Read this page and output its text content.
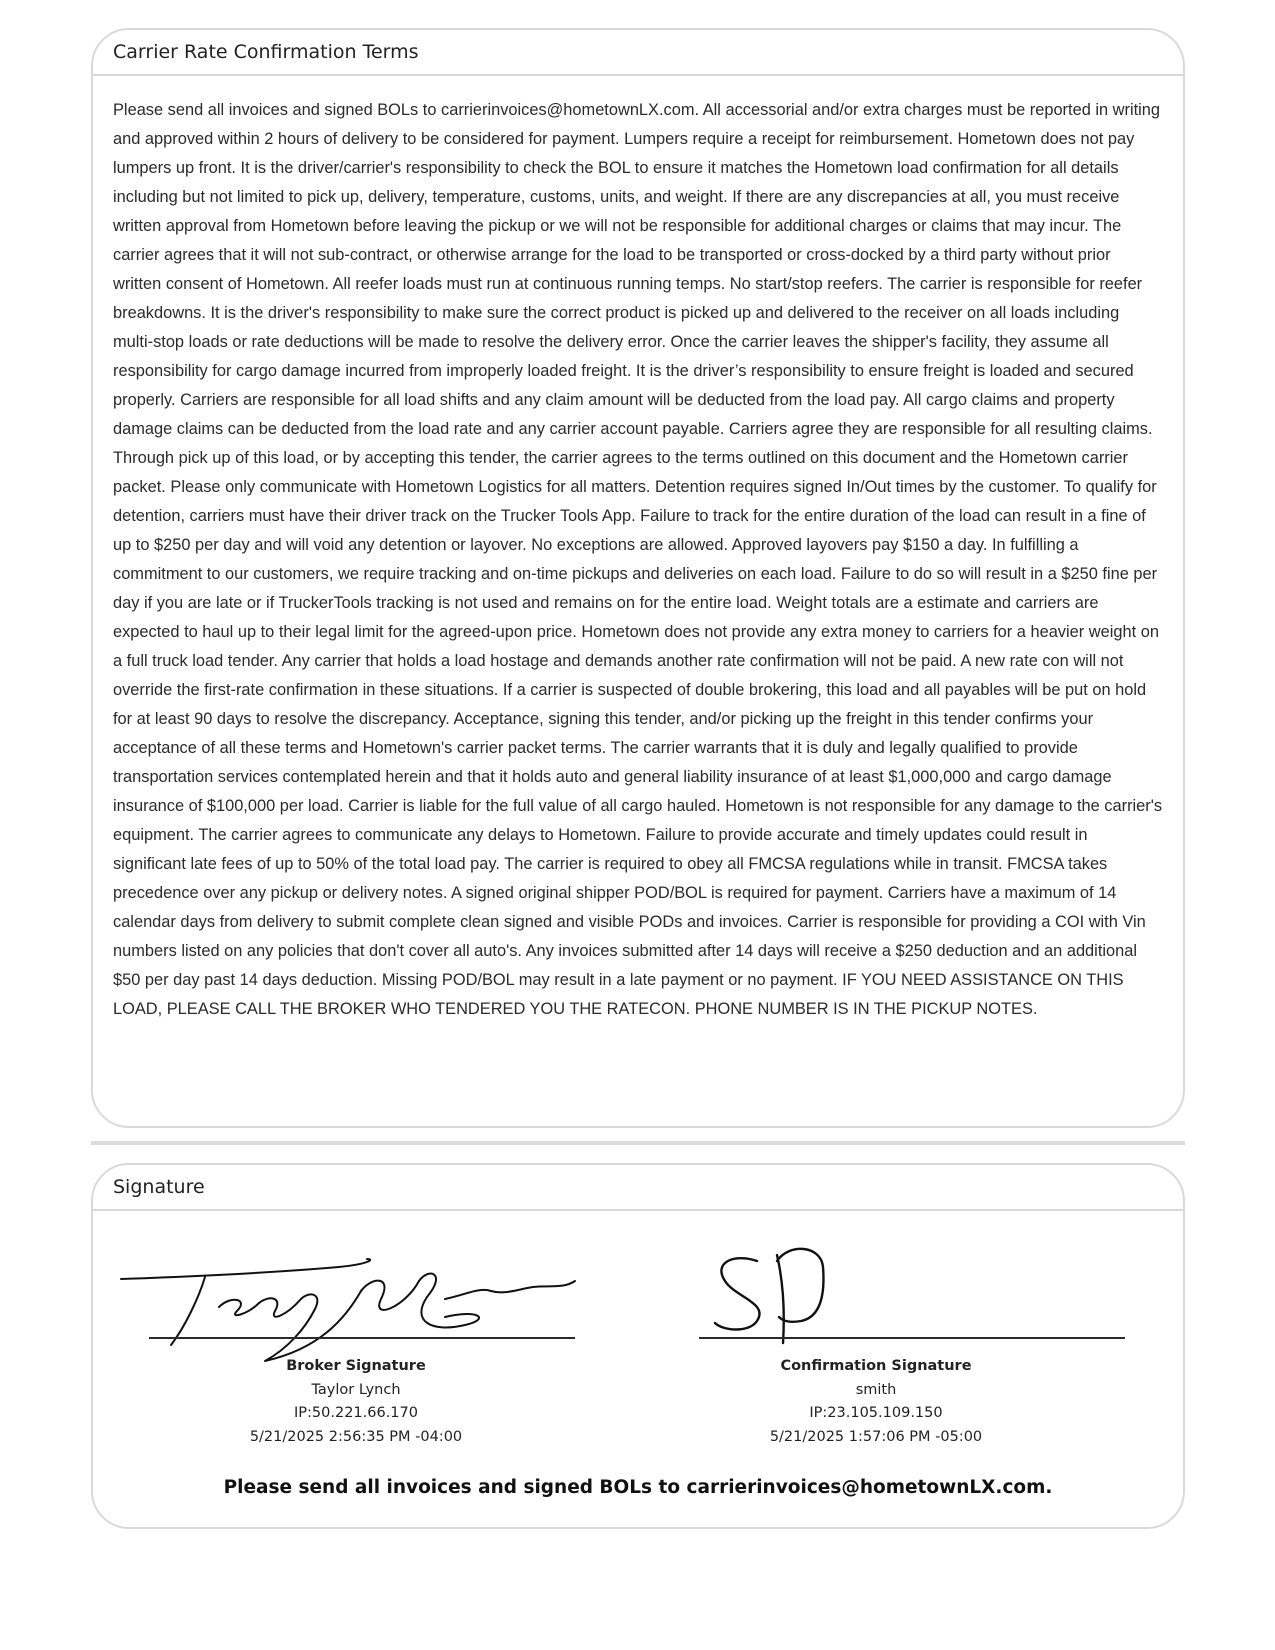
Carrier Rate Confirmation Terms

Please send all invoices and signed BOLs to carrierinvoices@hometownLX.com. All accessorial and/or extra charges must be reported in writing and approved within 2 hours of delivery to be considered for payment. Lumpers require a receipt for reimbursement. Hometown does not pay lumpers up front. It is the driver/carrier's responsibility to check the BOL to ensure it matches the Hometown load confirmation for all details including but not limited to pick up, delivery, temperature, customs, units, and weight. If there are any discrepancies at all, you must receive written approval from Hometown before leaving the pickup or we will not be responsible for additional charges or claims that may incur. The carrier agrees that it will not sub-contract, or otherwise arrange for the load to be transported or cross-docked by a third party without prior written consent of Hometown. All reefer loads must run at continuous running temps. No start/stop reefers. The carrier is responsible for reefer breakdowns. It is the driver's responsibility to make sure the correct product is picked up and delivered to the receiver on all loads including multi-stop loads or rate deductions will be made to resolve the delivery error. Once the carrier leaves the shipper's facility, they assume all responsibility for cargo damage incurred from improperly loaded freight. It is the driver’s responsibility to ensure freight is loaded and secured properly. Carriers are responsible for all load shifts and any claim amount will be deducted from the load pay. All cargo claims and property damage claims can be deducted from the load rate and any carrier account payable. Carriers agree they are responsible for all resulting claims. Through pick up of this load, or by accepting this tender, the carrier agrees to the terms outlined on this document and the Hometown carrier packet. Please only communicate with Hometown Logistics for all matters. Detention requires signed In/Out times by the customer. To qualify for detention, carriers must have their driver track on the Trucker Tools App. Failure to track for the entire duration of the load can result in a fine of up to $250 per day and will void any detention or layover. No exceptions are allowed. Approved layovers pay $150 a day. In fulfilling a commitment to our customers, we require tracking and on-time pickups and deliveries on each load. Failure to do so will result in a $250 fine per day if you are late or if TruckerTools tracking is not used and remains on for the entire load. Weight totals are a estimate and carriers are expected to haul up to their legal limit for the agreed-upon price. Hometown does not provide any extra money to carriers for a heavier weight on a full truck load tender. Any carrier that holds a load hostage and demands another rate confirmation will not be paid. A new rate con will not override the first-rate confirmation in these situations. If a carrier is suspected of double brokering, this load and all payables will be put on hold for at least 90 days to resolve the discrepancy. Acceptance, signing this tender, and/or picking up the freight in this tender confirms your acceptance of all these terms and Hometown's carrier packet terms. The carrier warrants that it is duly and legally qualified to provide transportation services contemplated herein and that it holds auto and general liability insurance of at least $1,000,000 and cargo damage insurance of $100,000 per load. Carrier is liable for the full value of all cargo hauled. Hometown is not responsible for any damage to the carrier's equipment. The carrier agrees to communicate any delays to Hometown. Failure to provide accurate and timely updates could result in significant late fees of up to 50% of the total load pay. The carrier is required to obey all FMCSA regulations while in transit. FMCSA takes precedence over any pickup or delivery notes. A signed original shipper POD/BOL is required for payment. Carriers have a maximum of 14 calendar days from delivery to submit complete clean signed and visible PODs and invoices. Carrier is responsible for providing a COI with Vin numbers listed on any policies that don't cover all auto's. Any invoices submitted after 14 days will receive a $250 deduction and an additional $50 per day past 14 days deduction. Missing POD/BOL may result in a late payment or no payment. IF YOU NEED ASSISTANCE ON THIS LOAD, PLEASE CALL THE BROKER WHO TENDERED YOU THE RATECON. PHONE NUMBER IS IN THE PICKUP NOTES.

Signature
Broker Signature
Taylor Lynch
IP:50.221.66.170
5/21/2025 2:56:35 PM -04:00
Confirmation Signature
smith
IP:23.105.109.150
5/21/2025 1:57:06 PM -05:00
Please send all invoices and signed BOLs to carrierinvoices@hometownLX.com.
